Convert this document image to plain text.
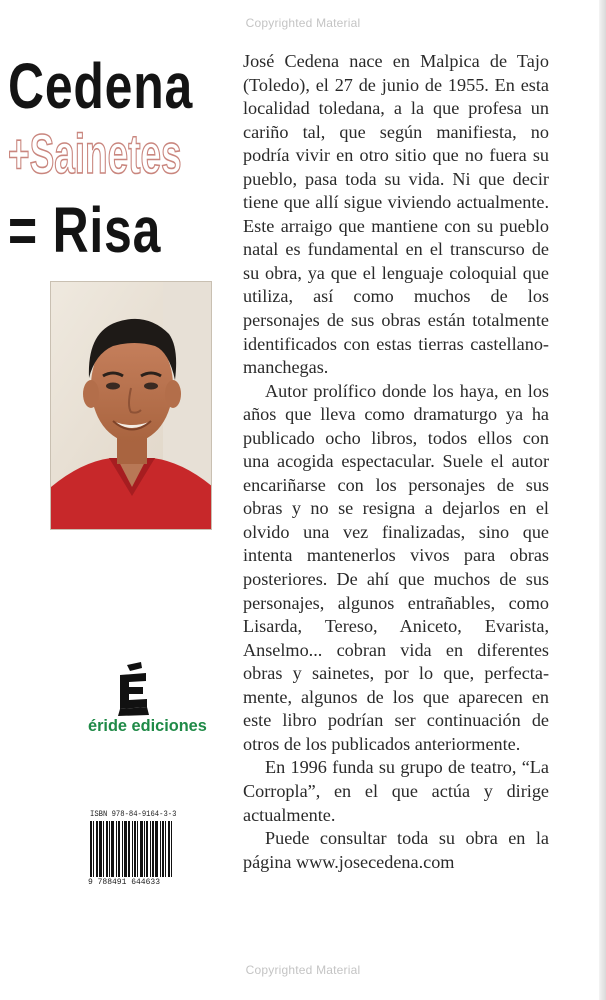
Copyrighted Material
Cedena
+Sainetes
= Risa
éride ediciones
ISBN 978-84-9164-3-3
9 788491 644633

José Cedena nace en Malpica de Tajo (Toledo), el 27 de junio de 1955. En esta localidad toledana, a la que profesa un cariño tal, que según manifiesta, no podría vivir en otro sitio que no fuera su pueblo, pasa toda su vida. Ni que decir tiene que allí sigue viviendo actualmente. Este arraigo que mantiene con su pueblo natal es fundamental en el transcurso de su obra, ya que el lenguaje coloquial que utiliza, así como muchos de los personajes de sus obras están totalmente identificados con estas tierras castellano-manchegas.

Autor prolífico donde los haya, en los años que lleva como dramaturgo ya ha publicado ocho libros, todos ellos con una acogida espectacular. Suele el autor encariñarse con los personajes de sus obras y no se resigna a dejarlos en el olvido una vez finalizadas, sino que intenta mantenerlos vivos para obras posteriores. De ahí que muchos de sus personajes, algunos entrañables, como Lisarda, Tereso, Aniceto, Evarista, Anselmo... cobran vida en diferentes obras y sainetes, por lo que, perfectamente, algunos de los que aparecen en este libro podrían ser continuación de otros de los publicados anteriormente.

En 1996 funda su grupo de teatro, “La Corropla”, en el que actúa y dirige actualmente.

Puede consultar toda su obra en la página www.josecedena.com

Copyrighted Material
